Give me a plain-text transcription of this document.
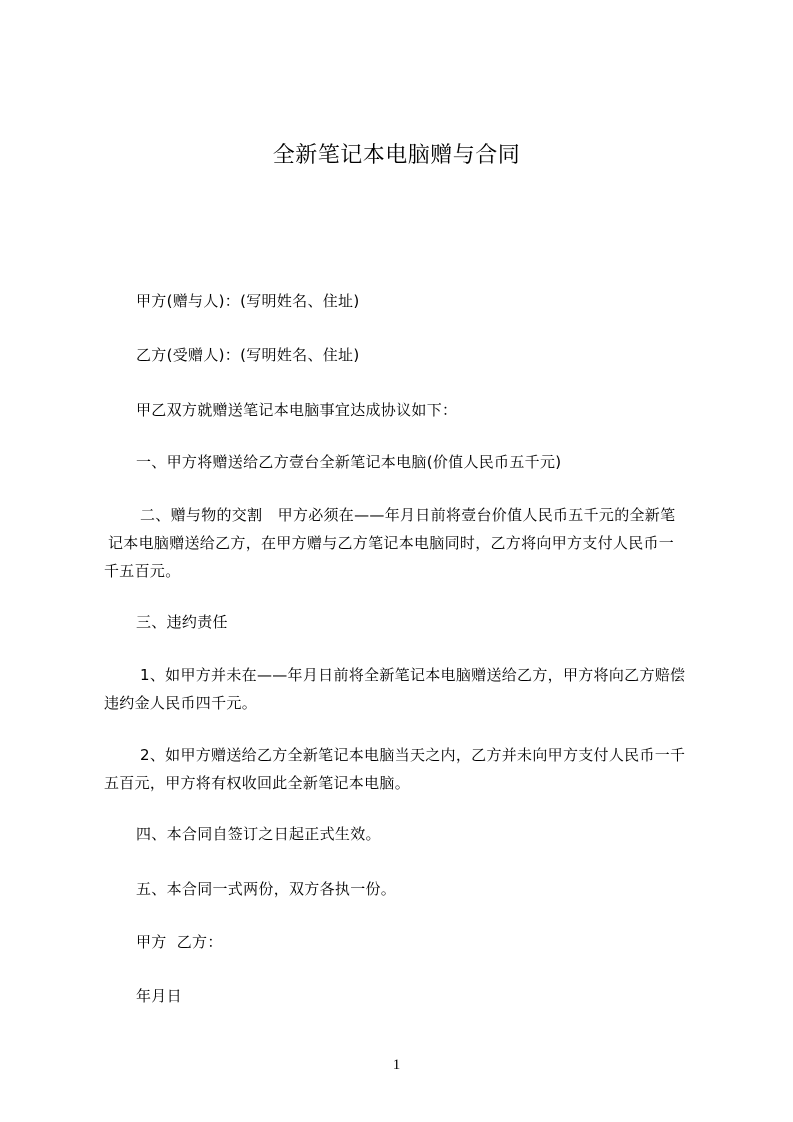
全新笔记本电脑赠与合同
甲方(赠与人)：(写明姓名、住址)
乙方(受赠人)：(写明姓名、住址)
甲乙双方就赠送笔记本电脑事宜达成协议如下：
一、甲方将赠送给乙方壹台全新笔记本电脑(价值人民币五千元)
二、赠与物的交割   甲方必须在——年月日前将壹台价值人民币五千元的全新笔
记本电脑赠送给乙方，在甲方赠与乙方笔记本电脑同时，乙方将向甲方支付人民币一
千五百元。
三、违约责任
1、如甲方并未在——年月日前将全新笔记本电脑赠送给乙方，甲方将向乙方赔偿
违约金人民币四千元。
2、如甲方赠送给乙方全新笔记本电脑当天之内，乙方并未向甲方支付人民币一千
五百元，甲方将有权收回此全新笔记本电脑。
四、本合同自签订之日起正式生效。
五、本合同一式两份，双方各执一份。
甲方  乙方：
年月日
1
